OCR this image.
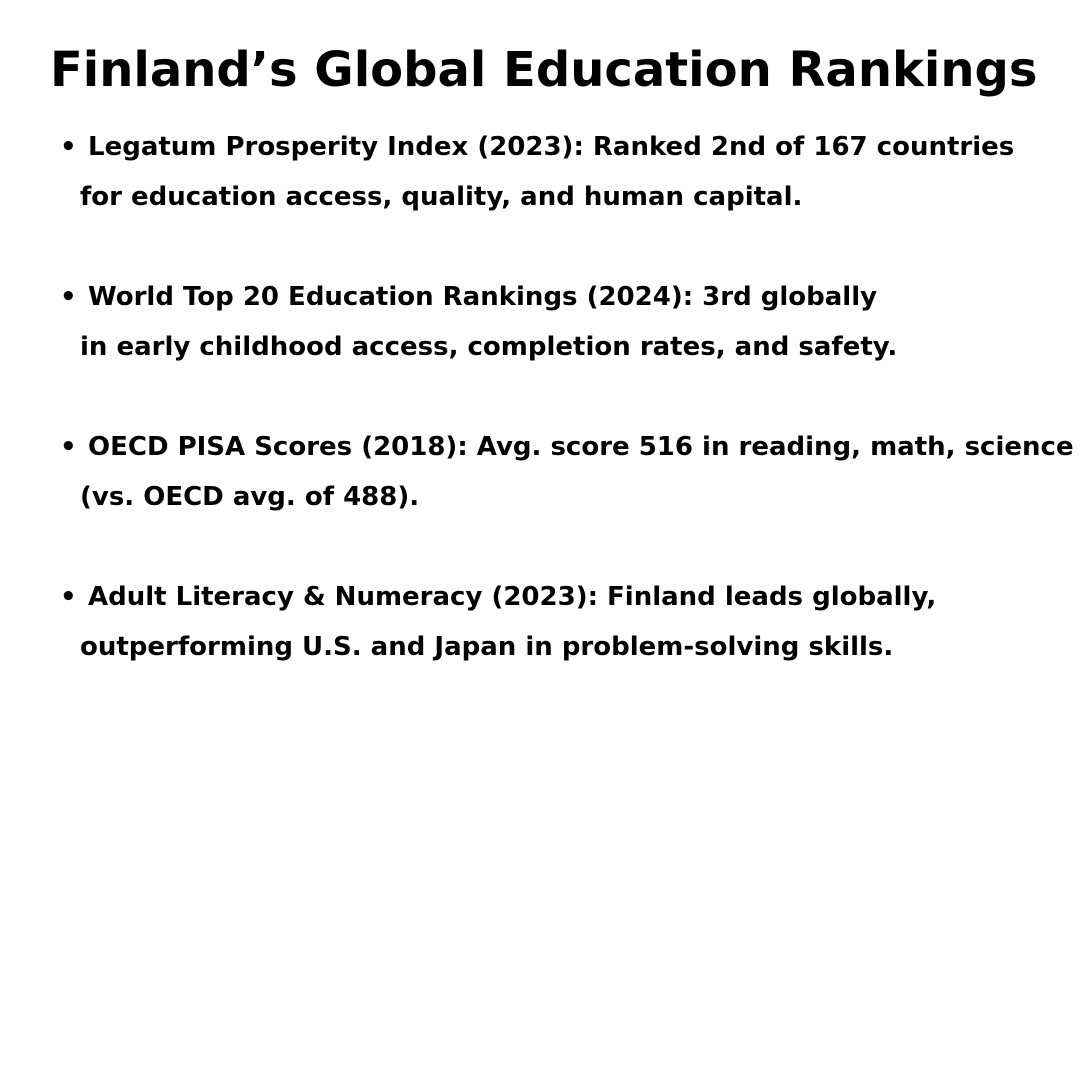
Finland’s Global Education Rankings
• Legatum Prosperity Index (2023): Ranked 2nd of 167 countries
for education access, quality, and human capital.
• World Top 20 Education Rankings (2024): 3rd globally
in early childhood access, completion rates, and safety.
• OECD PISA Scores (2018): Avg. score 516 in reading, math, science
(vs. OECD avg. of 488).
• Adult Literacy & Numeracy (2023): Finland leads globally,
outperforming U.S. and Japan in problem-solving skills.
